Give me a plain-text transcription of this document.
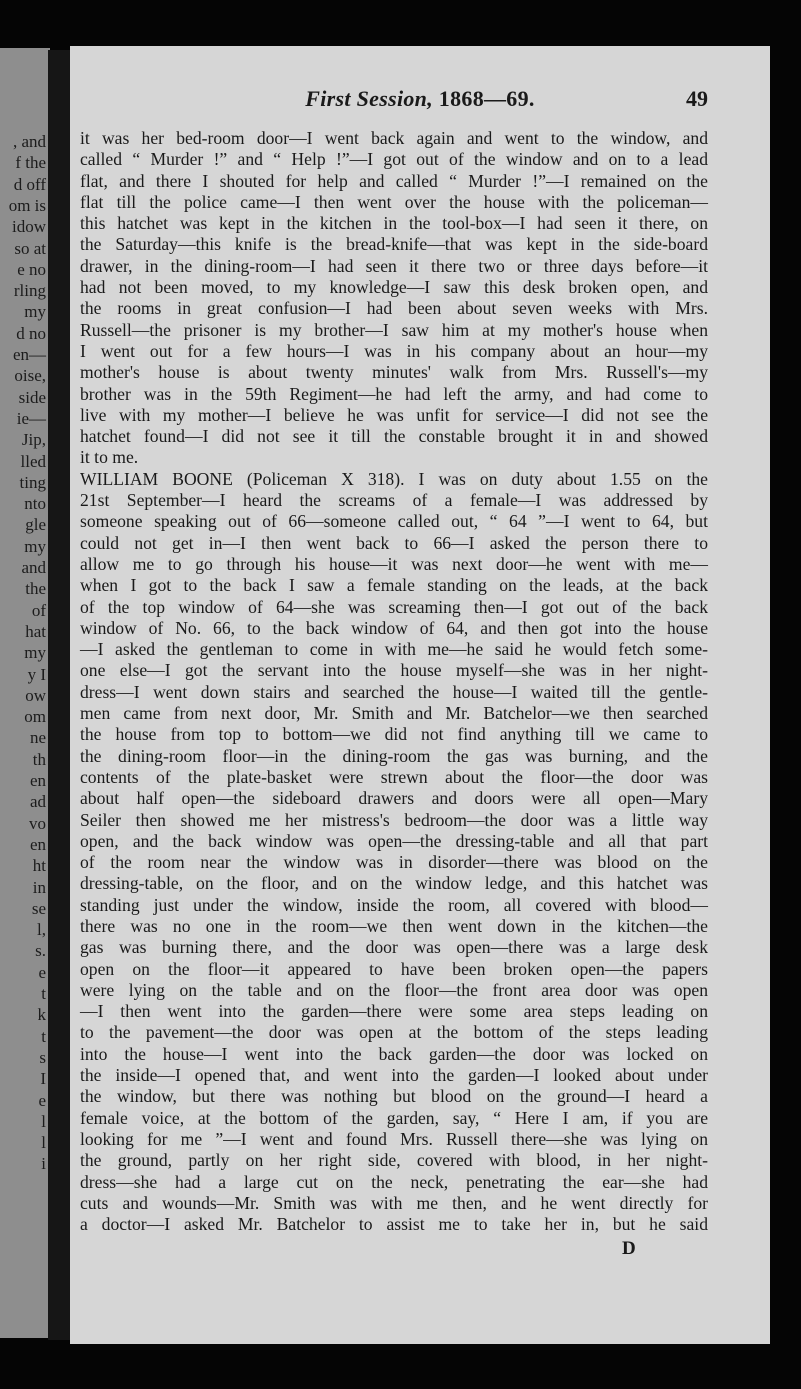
, and
f the
d off
om is
idow
so at
e no
rling
my
d no
en—
oise,
side
ie—
Jip,
lled
ting
nto
gle
my
and
the
of
hat
my
y I
ow
om
ne
th
en
ad
vo
en
ht
in
se
l,
s.
e
t
k
t
s
I
e
l
l
i
First Session, 1868—69.	49
it was her bed-room door—I went back again and went to the window, and
called “ Murder !” and “ Help !”—I got out of the window and on to a lead
flat, and there I shouted for help and called “ Murder !”—I remained on the
flat till the police came—I then went over the house with the policeman—
this hatchet was kept in the kitchen in the tool-box—I had seen it there, on
the Saturday—this knife is the bread-knife—that was kept in the side-board
drawer, in the dining-room—I had seen it there two or three days before—it
had not been moved, to my knowledge—I saw this desk broken open, and
the rooms in great confusion—I had been about seven weeks with Mrs.
Russell—the prisoner is my brother—I saw him at my mother's house when
I went out for a few hours—I was in his company about an hour—my
mother's house is about twenty minutes' walk from Mrs. Russell's—my
brother was in the 59th Regiment—he had left the army, and had come to
live with my mother—I believe he was unfit for service—I did not see the
hatchet found—I did not see it till the constable brought it in and showed
it to me.
WILLIAM BOONE (Policeman X 318). I was on duty about 1.55 on the
21st September—I heard the screams of a female—I was addressed by
someone speaking out of 66—someone called out, “ 64 ”—I went to 64, but
could not get in—I then went back to 66—I asked the person there to
allow me to go through his house—it was next door—he went with me—
when I got to the back I saw a female standing on the leads, at the back
of the top window of 64—she was screaming then—I got out of the back
window of No. 66, to the back window of 64, and then got into the house
—I asked the gentleman to come in with me—he said he would fetch some-
one else—I got the servant into the house myself—she was in her night-
dress—I went down stairs and searched the house—I waited till the gentle-
men came from next door, Mr. Smith and Mr. Batchelor—we then searched
the house from top to bottom—we did not find anything till we came to
the dining-room floor—in the dining-room the gas was burning, and the
contents of the plate-basket were strewn about the floor—the door was
about half open—the sideboard drawers and doors were all open—Mary
Seiler then showed me her mistress's bedroom—the door was a little way
open, and the back window was open—the dressing-table and all that part
of the room near the window was in disorder—there was blood on the
dressing-table, on the floor, and on the window ledge, and this hatchet was
standing just under the window, inside the room, all covered with blood—
there was no one in the room—we then went down in the kitchen—the
gas was burning there, and the door was open—there was a large desk
open on the floor—it appeared to have been broken open—the papers
were lying on the table and on the floor—the front area door was open
—I then went into the garden—there were some area steps leading on
to the pavement—the door was open at the bottom of the steps leading
into the house—I went into the back garden—the door was locked on
the inside—I opened that, and went into the garden—I looked about under
the window, but there was nothing but blood on the ground—I heard a
female voice, at the bottom of the garden, say, “ Here I am, if you are
looking for me ”—I went and found Mrs. Russell there—she was lying on
the ground, partly on her right side, covered with blood, in her night-
dress—she had a large cut on the neck, penetrating the ear—she had
cuts and wounds—Mr. Smith was with me then, and he went directly for
a doctor—I asked Mr. Batchelor to assist me to take her in, but he said
D
